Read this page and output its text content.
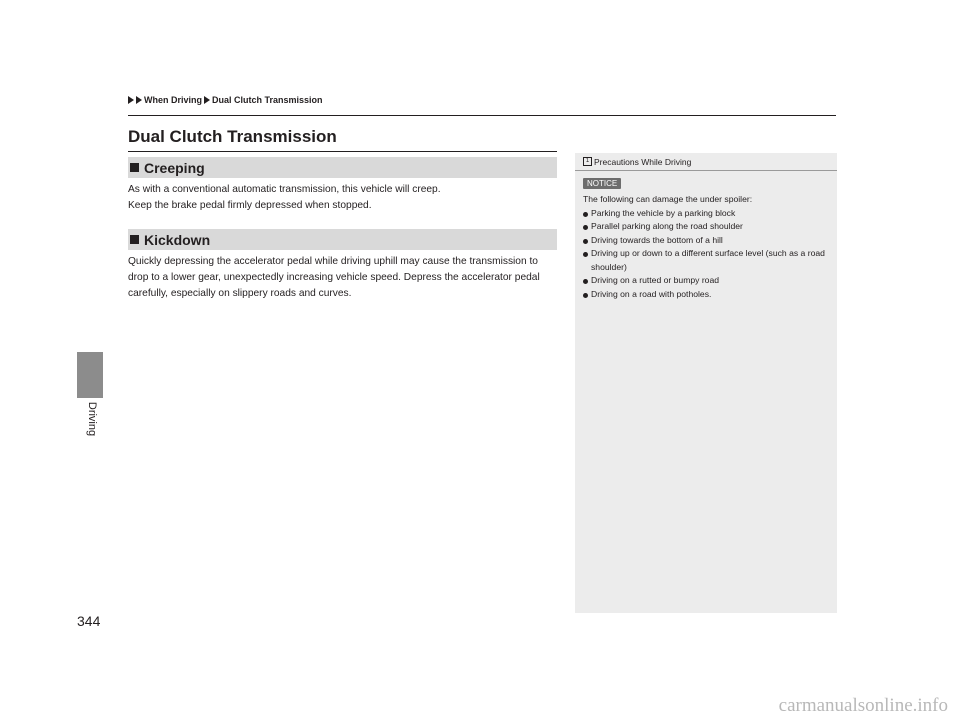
Driving
When Driving Dual Clutch Transmission
Dual Clutch Transmission
Creeping

As with a conventional automatic transmission, this vehicle will creep.

Keep the brake pedal firmly depressed when stopped.

Kickdown

Quickly depressing the accelerator pedal while driving uphill may cause the transmission to drop to a lower gear, unexpectedly increasing vehicle speed. Depress the accelerator pedal carefully, especially on slippery roads and curves.

1 Precautions While Driving
NOTICE

The following can damage the under spoiler:

Parking the vehicle by a parking block
Parallel parking along the road shoulder
Driving towards the bottom of a hill
Driving up or down to a different surface level (such as a road shoulder)
Driving on a rutted or bumpy road
Driving on a road with potholes.
344
carmanualsonline.info
